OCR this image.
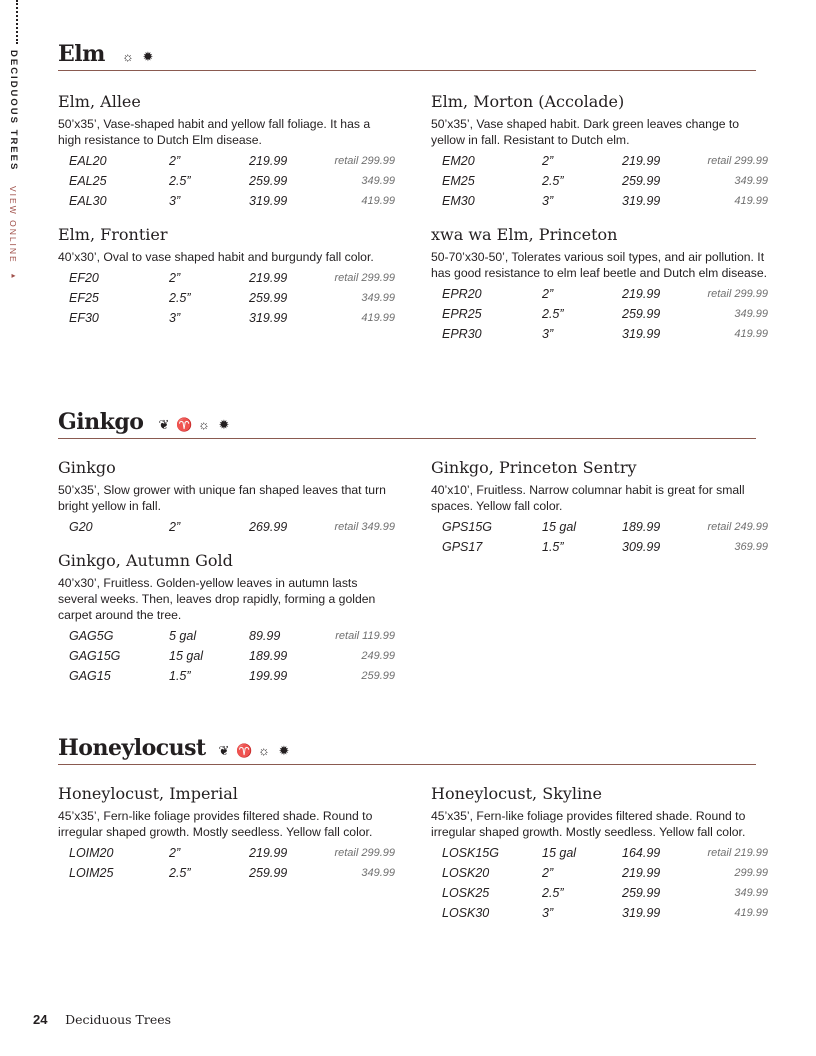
DECIDUOUS TREES VIEW ONLINE ▸
Elm ☼ ✹
Elm, Allee

50’x35’, Vase-shaped habit and yellow fall foliage. It has a high resistance to Dutch Elm disease.

EAL20	2”	219.99	retail 299.99
EAL25	2.5”	259.99	349.99
EAL30	3”	319.99	419.99
Elm, Frontier

40’x30’, Oval to vase shaped habit and burgundy fall color.

EF20	2”	219.99	retail 299.99
EF25	2.5”	259.99	349.99
EF30	3”	319.99	419.99
Elm, Morton (Accolade)

50’x35’, Vase shaped habit. Dark green leaves change to yellow in fall. Resistant to Dutch elm.

EM20	2”	219.99	retail 299.99
EM25	2.5”	259.99	349.99
EM30	3”	319.99	419.99
xwa wa Elm, Princeton

50-70’x30-50’, Tolerates various soil types, and air pollution. It has good resistance to elm leaf beetle and Dutch elm disease.

EPR20	2”	219.99	retail 299.99
EPR25	2.5”	259.99	349.99
EPR30	3”	319.99	419.99
Ginkgo ❦ ♈ ☼ ✹
Ginkgo

50’x35’, Slow grower with unique fan shaped leaves that turn bright yellow in fall.

G20	2”	269.99	retail 349.99
Ginkgo, Autumn Gold

40’x30’, Fruitless. Golden-yellow leaves in autumn lasts several weeks. Then, leaves drop rapidly, forming a golden carpet around the tree.

GAG5G	5 gal	89.99	retail 119.99
GAG15G	15 gal	189.99	249.99
GAG15	1.5”	199.99	259.99
Ginkgo, Princeton Sentry

40’x10’, Fruitless. Narrow columnar habit is great for small spaces. Yellow fall color.

GPS15G	15 gal	189.99	retail 249.99
GPS17	1.5”	309.99	369.99
Honeylocust ❦ ♈ ☼ ✹
Honeylocust, Imperial

45’x35’, Fern-like foliage provides filtered shade. Round to irregular shaped growth. Mostly seedless. Yellow fall color.

LOIM20	2”	219.99	retail 299.99
LOIM25	2.5”	259.99	349.99
Honeylocust, Skyline

45’x35’, Fern-like foliage provides filtered shade. Round to irregular shaped growth. Mostly seedless. Yellow fall color.

LOSK15G	15 gal	164.99	retail 219.99
LOSK20	2”	219.99	299.99
LOSK25	2.5”	259.99	349.99
LOSK30	3”	319.99	419.99
24 Deciduous Trees
